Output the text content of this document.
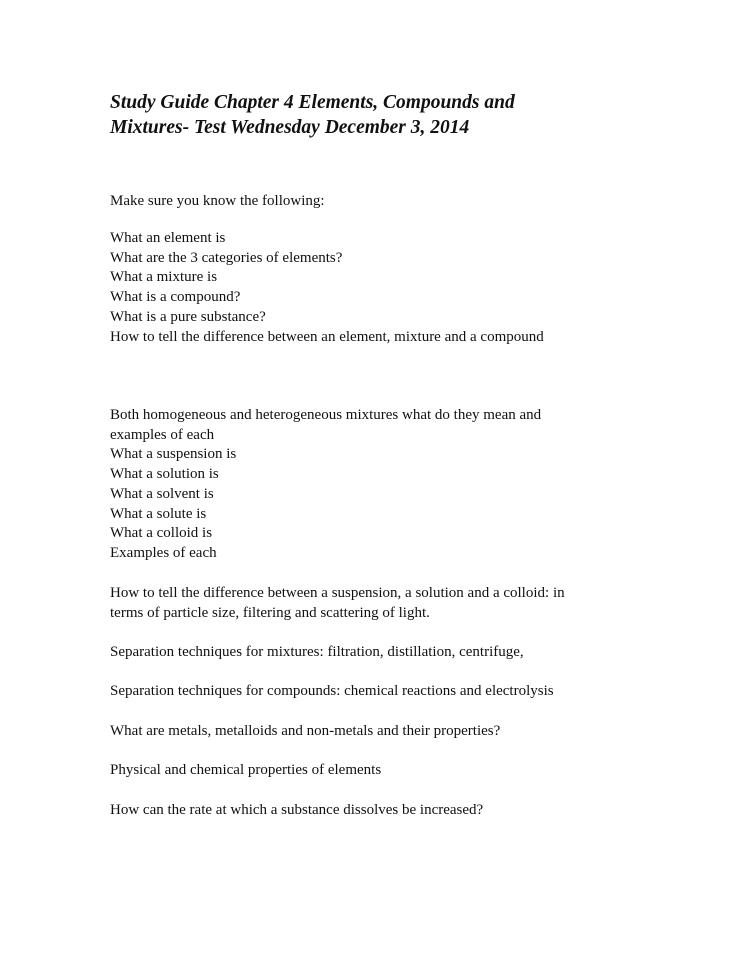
Study Guide Chapter 4 Elements, Compounds and
Mixtures- Test Wednesday December 3, 2014

Make sure you know the following:

What an element is
What are the 3 categories of elements?
What a mixture is
What is a compound?
What is a pure substance?
How to tell the difference between an element, mixture and a compound
Both homogeneous and heterogeneous mixtures what do they mean and
examples of each
What a suspension is
What a solution is
What a solvent is
What a solute is
What a colloid is
Examples of each

How to tell the difference between a suspension, a solution and a colloid: in
terms of particle size, filtering and scattering of light.

Separation techniques for mixtures: filtration, distillation, centrifuge,

Separation techniques for compounds: chemical reactions and electrolysis

What are metals, metalloids and non-metals and their properties?

Physical and chemical properties of elements

How can the rate at which a substance dissolves be increased?
